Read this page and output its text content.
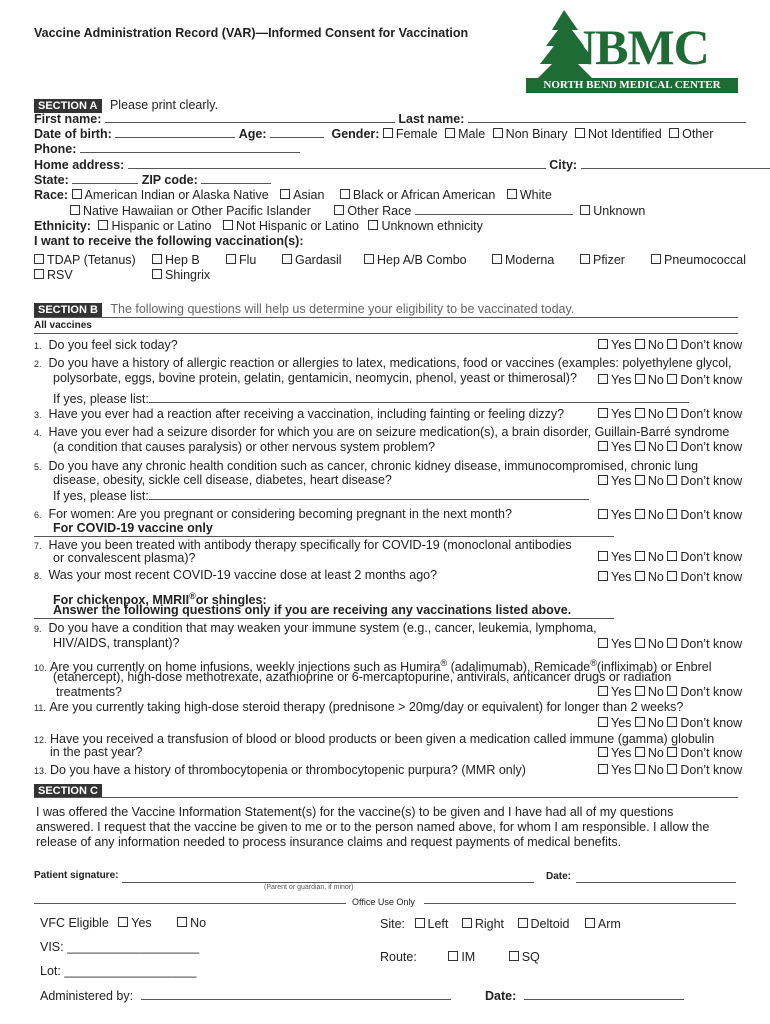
Vaccine Administration Record (VAR)—Informed Consent for Vaccination NBMC
NORTH BEND MEDICAL CENTER
SECTION A Please print clearly.
First name:	Last name:
Date of birth:	Age:	Gender: Female Male Non Binary Not Identified Other
Phone:
Home address:	City:
State:	ZIP code:
Race: American Indian or Alaska Native Asian Black or African American White
Native Hawaiian or Other Pacific Islander	Other Race	Unknown
Ethnicity: Hispanic or Latino Not Hispanic or Latino Unknown ethnicity
I want to receive the following vaccination(s):
TDAP (Tetanus)	Hep B	Flu	Gardasil	Hep A/B Combo	Moderna	Pfizer	Pneumococcal
RSV	Shingrix
SECTION B The following questions will help us determine your eligibility to be vaccinated today.
All vaccines
1. Do you feel sick today?	Yes No Don’t know
2. Do you have a history of allergic reaction or allergies to latex, medications, food or vaccines (examples: polyethylene glycol,
polysorbate, eggs, bovine protein, gelatin, gentamicin, neomycin, phenol, yeast or thimerosal)?	Yes No Don’t know
If yes, please list:
3. Have you ever had a reaction after receiving a vaccination, including fainting or feeling dizzy?	Yes No Don’t know
4. Have you ever had a seizure disorder for which you are on seizure medication(s), a brain disorder, Guillain-Barré syndrome
(a condition that causes paralysis) or other nervous system problem?	Yes No Don’t know
5. Do you have any chronic health condition such as cancer, chronic kidney disease, immunocompromised, chronic lung
disease, obesity, sickle cell disease, diabetes, heart disease?	Yes No Don’t know
If yes, please list:
6. For women: Are you pregnant or considering becoming pregnant in the next month?	Yes No Don’t know
For COVID-19 vaccine only
7. Have you been treated with antibody therapy specifically for COVID-19 (monoclonal antibodies
or convalescent plasma)?	Yes No Don’t know
8. Was your most recent COVID-19 vaccine dose at least 2 months ago?	Yes No Don’t know
For chickenpox, MMRII®or shingles:
Answer the following questions only if you are receiving any vaccinations listed above.
9. Do you have a condition that may weaken your immune system (e.g., cancer, leukemia, lymphoma,
HIV/AIDS, transplant)?	Yes No Don’t know
10. Are you currently on home infusions, weekly injections such as Humira® (adalimumab), Remicade®(infliximab) or Enbrel
(etanercept), high-dose methotrexate, azathioprine or 6-mercaptopurine, antivirals, anticancer drugs or radiation
treatments?	Yes No Don’t know
11. Are you currently taking high-dose steroid therapy (prednisone > 20mg/day or equivalent) for longer than 2 weeks?
Yes No Don’t know
12. Have you received a transfusion of blood or blood products or been given a medication called immune (gamma) globulin
in the past year?	Yes No Don’t know
13. Do you have a history of thrombocytopenia or thrombocytopenic purpura? (MMR only)	Yes No Don’t know
SECTION C
I was offered the Vaccine Information Statement(s) for the vaccine(s) to be given and I have had all of my questions
answered. I request that the vaccine be given to me or to the person named above, for whom I am responsible. I allow the
release of any information needed to process insurance claims and request payments of medical benefits.
Patient signature:
(Parent or guardian, if minor)
Date:
Office Use Only
VFC Eligible Yes	No	Site: Left Right Deltoid Arm
VIS: ___________________
Route:	IM	SQ
Lot: ___________________
Administered by:	Date:
